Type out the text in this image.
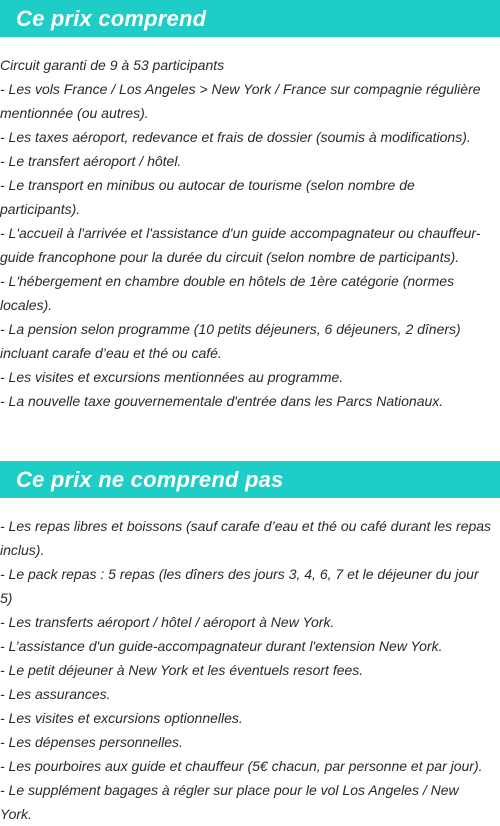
Ce prix comprend
Circuit garanti de 9 à 53 participants
- Les vols France / Los Angeles > New York / France sur compagnie régulière mentionnée (ou autres).
- Les taxes aéroport, redevance et frais de dossier (soumis à modifications).
- Le transfert aéroport / hôtel.
- Le transport en minibus ou autocar de tourisme (selon nombre de participants).
- L'accueil à l'arrivée et l'assistance d'un guide accompagnateur ou chauffeur-guide francophone pour la durée du circuit (selon nombre de participants).
- L'hébergement en chambre double en hôtels de 1ère catégorie (normes locales).
- La pension selon programme (10 petits déjeuners, 6 déjeuners, 2 dîners) incluant carafe d’eau et thé ou café.
- Les visites et excursions mentionnées au programme.
- La nouvelle taxe gouvernementale d'entrée dans les Parcs Nationaux.
Ce prix ne comprend pas
- Les repas libres et boissons (sauf carafe d’eau et thé ou café durant les repas inclus).
- Le pack repas : 5 repas (les dîners des jours 3, 4, 6, 7 et le déjeuner du jour 5)
- Les transferts aéroport / hôtel / aéroport à New York.
- L’assistance d'un guide-accompagnateur durant l'extension New York.
- Le petit déjeuner à New York et les éventuels resort fees.
- Les assurances.
- Les visites et excursions optionnelles.
- Les dépenses personnelles.
- Les pourboires aux guide et chauffeur (5€ chacun, par personne et par jour).
- Le supplément bagages à régler sur place pour le vol Los Angeles / New York.
